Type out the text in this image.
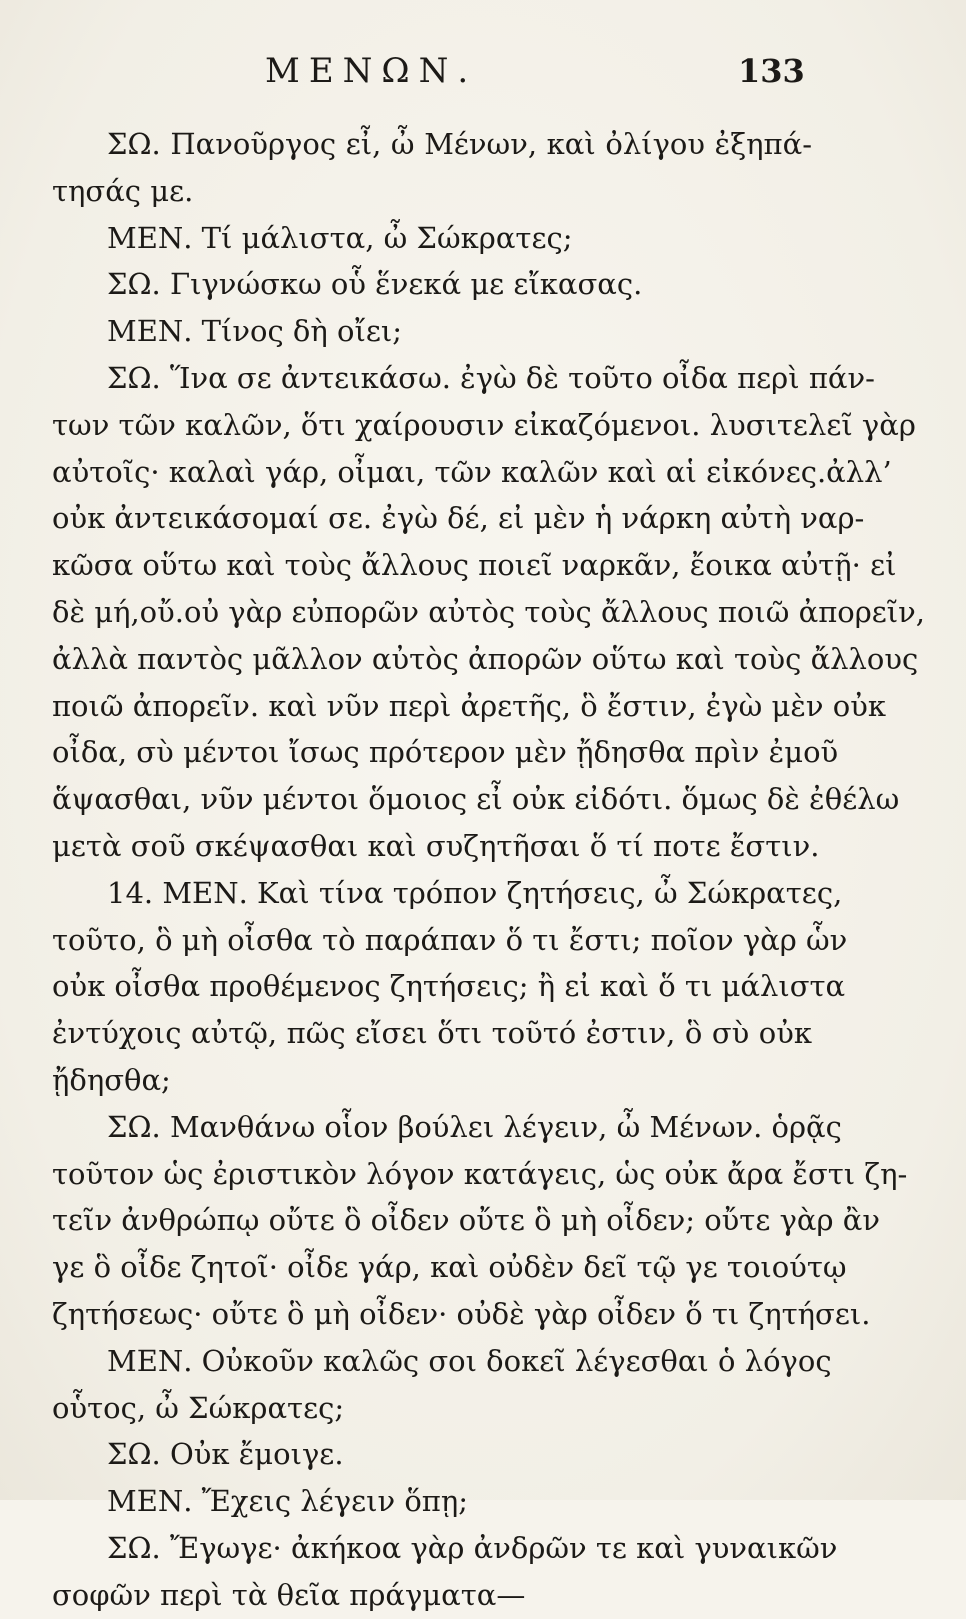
ΜΕΝΩΝ.	133
ΣΩ. Πανοῦργος εἶ, ὦ Μένων, καὶ ὀλίγου ἐξηπά-
τησάς με.
ΜΕΝ. Τί μάλιστα, ὦ Σώκρατες;
ΣΩ. Γιγνώσκω οὗ ἕνεκά με εἴκασας.
ΜΕΝ. Τίνος δὴ οἴει;
ΣΩ. Ἵνα σε ἀντεικάσω. ἐγὼ δὲ τοῦτο οἶδα περὶ πάν-
των τῶν καλῶν, ὅτι χαίρουσιν εἰκαζόμενοι. λυσιτελεῖ γὰρ
αὐτοῖς· καλαὶ γάρ, οἶμαι, τῶν καλῶν καὶ αἱ εἰκόνες.ἀλλ’
οὐκ ἀντεικάσομαί σε. ἐγὼ δέ, εἰ μὲν ἡ νάρκη αὐτὴ ναρ-
κῶσα οὕτω καὶ τοὺς ἄλλους ποιεῖ ναρκᾶν, ἔοικα αὐτῇ· εἰ
δὲ μή,οὔ.οὐ γὰρ εὐπορῶν αὐτὸς τοὺς ἄλλους ποιῶ ἀπορεῖν,
ἀλλὰ παντὸς μᾶλλον αὐτὸς ἀπορῶν οὕτω καὶ τοὺς ἄλλους
ποιῶ ἀπορεῖν. καὶ νῦν περὶ ἀρετῆς, ὃ ἔστιν, ἐγὼ μὲν οὐκ
οἶδα, σὺ μέντοι ἴσως πρότερον μὲν ᾔδησθα πρὶν ἐμοῦ
ἅψασθαι, νῦν μέντοι ὅμοιος εἶ οὐκ εἰδότι. ὅμως δὲ ἐθέλω
μετὰ σοῦ σκέψασθαι καὶ συζητῆσαι ὅ τί ποτε ἔστιν.
14. ΜΕΝ. Καὶ τίνα τρόπον ζητήσεις, ὦ Σώκρατες,
τοῦτο, ὃ μὴ οἶσθα τὸ παράπαν ὅ τι ἔστι; ποῖον γὰρ ὧν
οὐκ οἶσθα προθέμενος ζητήσεις; ἢ εἰ καὶ ὅ τι μάλιστα
ἐντύχοις αὐτῷ, πῶς εἴσει ὅτι τοῦτό ἐστιν, ὃ σὺ οὐκ
ᾔδησθα;
ΣΩ. Μανθάνω οἷον βούλει λέγειν, ὦ Μένων. ὁρᾷς
τοῦτον ὡς ἐριστικὸν λόγον κατάγεις, ὡς οὐκ ἄρα ἔστι ζη-
τεῖν ἀνθρώπῳ οὔτε ὃ οἶδεν οὔτε ὃ μὴ οἶδεν; οὔτε γὰρ ἂν
γε ὃ οἶδε ζητοῖ· οἶδε γάρ, καὶ οὐδὲν δεῖ τῷ γε τοιούτῳ
ζητήσεως· οὔτε ὃ μὴ οἶδεν· οὐδὲ γὰρ οἶδεν ὅ τι ζητήσει.
ΜΕΝ. Οὐκοῦν καλῶς σοι δοκεῖ λέγεσθαι ὁ λόγος
οὗτος, ὦ Σώκρατες;
ΣΩ. Οὐκ ἔμοιγε.
ΜΕΝ. Ἔχεις λέγειν ὅπῃ;
ΣΩ. Ἔγωγε· ἀκήκοα γὰρ ἀνδρῶν τε καὶ γυναικῶν
σοφῶν περὶ τὰ θεῖα πράγματα—
